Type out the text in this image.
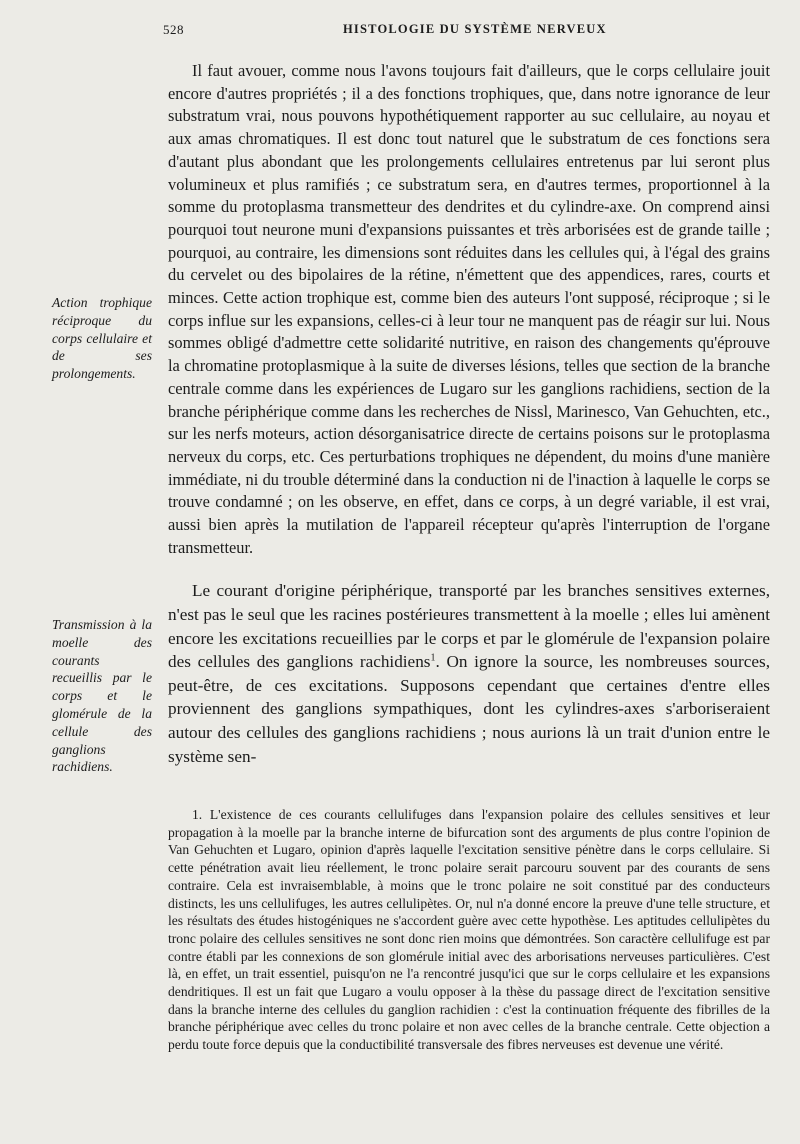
528	HISTOLOGIE DU SYSTÈME NERVEUX
Action trophique réciproque du corps cellulaire et de ses prolongements.
Transmission à la moelle des courants recueillis par le corps et le glomérule de la cellule des ganglions rachidiens.

Il faut avouer, comme nous l'avons toujours fait d'ailleurs, que le corps cellulaire jouit encore d'autres propriétés ; il a des fonctions trophiques, que, dans notre ignorance de leur substratum vrai, nous pouvons hypothétiquement rapporter au suc cellulaire, au noyau et aux amas chromatiques. Il est donc tout naturel que le substratum de ces fonctions sera d'autant plus abondant que les prolongements cellulaires entretenus par lui seront plus volumineux et plus ramifiés ; ce substratum sera, en d'autres termes, proportionnel à la somme du protoplasma transmetteur des dendrites et du cylindre-axe. On comprend ainsi pourquoi tout neurone muni d'expansions puissantes et très arborisées est de grande taille ; pourquoi, au contraire, les dimensions sont réduites dans les cellules qui, à l'égal des grains du cervelet ou des bipolaires de la rétine, n'émettent que des appendices, rares, courts et minces. Cette action trophique est, comme bien des auteurs l'ont supposé, réciproque ; si le corps influe sur les expansions, celles-ci à leur tour ne manquent pas de réagir sur lui. Nous sommes obligé d'admettre cette solidarité nutritive, en raison des changements qu'éprouve la chromatine protoplasmique à la suite de diverses lésions, telles que section de la branche centrale comme dans les expériences de Lugaro sur les ganglions rachidiens, section de la branche périphérique comme dans les recherches de Nissl, Marinesco, Van Gehuchten, etc., sur les nerfs moteurs, action désorganisatrice directe de certains poisons sur le protoplasma nerveux du corps, etc. Ces perturbations trophiques ne dépendent, du moins d'une manière immédiate, ni du trouble déterminé dans la conduction ni de l'inaction à laquelle le corps se trouve condamné ; on les observe, en effet, dans ce corps, à un degré variable, il est vrai, aussi bien après la mutilation de l'appareil récepteur qu'après l'interruption de l'organe transmetteur.

Le courant d'origine périphérique, transporté par les branches sensitives externes, n'est pas le seul que les racines postérieures transmettent à la moelle ; elles lui amènent encore les excitations recueillies par le corps et par le glomérule de l'expansion polaire des cellules des ganglions rachidiens$^1$. On ignore la source, les nombreuses sources, peut-être, de ces excitations. Supposons cependant que certaines d'entre elles proviennent des ganglions sympathiques, dont les cylindres-axes s'arboriseraient autour des cellules des ganglions rachidiens ; nous aurions là un trait d'union entre le système sen-

1. L'existence de ces courants cellulifuges dans l'expansion polaire des cellules sensitives et leur propagation à la moelle par la branche interne de bifurcation sont des arguments de plus contre l'opinion de Van Gehuchten et Lugaro, opinion d'après laquelle l'excitation sensitive pénètre dans le corps cellulaire. Si cette pénétration avait lieu réellement, le tronc polaire serait parcouru souvent par des courants de sens contraire. Cela est invraisemblable, à moins que le tronc polaire ne soit constitué par des conducteurs distincts, les uns cellulifuges, les autres cellulipètes. Or, nul n'a donné encore la preuve d'une telle structure, et les résultats des études histogéniques ne s'accordent guère avec cette hypothèse. Les aptitudes cellulipètes du tronc polaire des cellules sensitives ne sont donc rien moins que démontrées. Son caractère cellulifuge est par contre établi par les connexions de son glomérule initial avec des arborisations nerveuses particulières. C'est là, en effet, un trait essentiel, puisqu'on ne l'a rencontré jusqu'ici que sur le corps cellulaire et les expansions dendritiques. Il est un fait que Lugaro a voulu opposer à la thèse du passage direct de l'excitation sensitive dans la branche interne des cellules du ganglion rachidien : c'est la continuation fréquente des fibrilles de la branche périphérique avec celles du tronc polaire et non avec celles de la branche centrale. Cette objection a perdu toute force depuis que la conductibilité transversale des fibres nerveuses est devenue une vérité.
